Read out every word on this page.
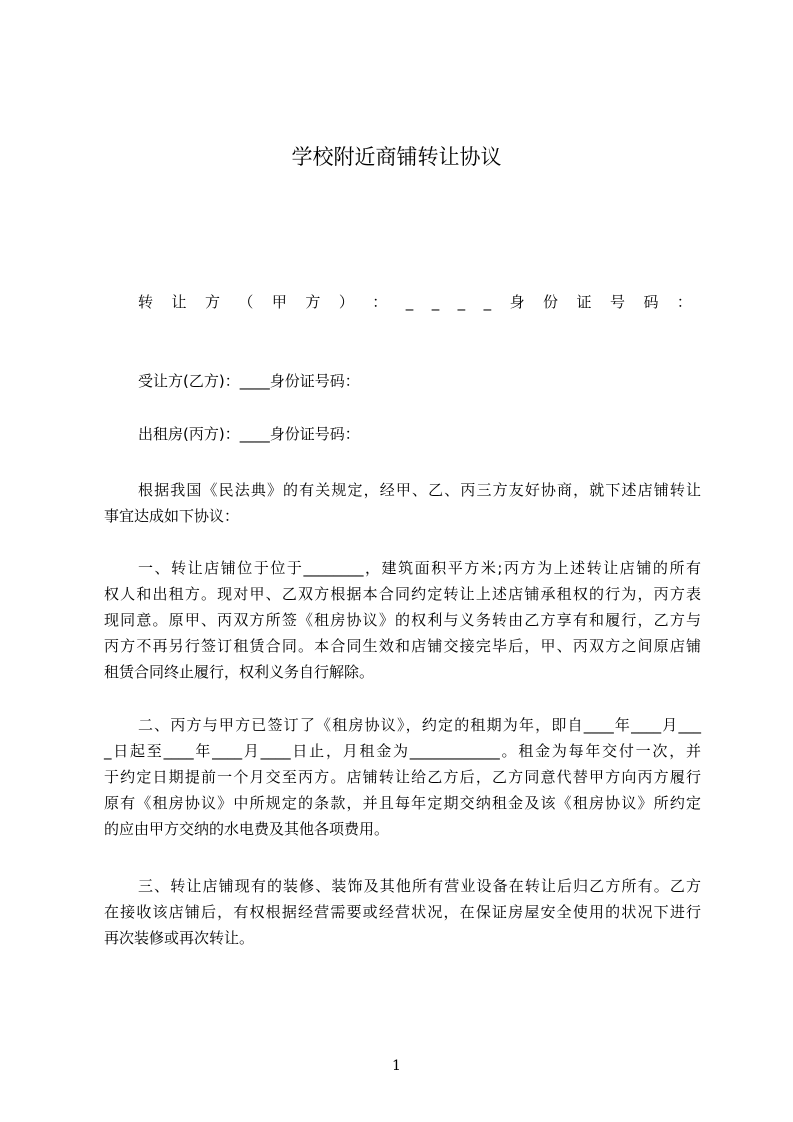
学校附近商铺转让协议
转 让 方 （ 甲 方 ） ： _ _ _ _ 身 份 证 号 码 ：

受让方(乙方)：____身份证号码：

出租房(丙方)：____身份证号码：

根据我国《民法典》的有关规定，经甲、乙、丙三方友好协商，就下述店铺转让
事宜达成如下协议：
一、转让店铺位于位于________，建筑面积平方米;丙方为上述转让店铺的所有
权人和出租方。现对甲、乙双方根据本合同约定转让上述店铺承租权的行为，丙方表
现同意。原甲、丙双方所签《租房协议》的权利与义务转由乙方享有和履行，乙方与
丙方不再另行签订租赁合同。本合同生效和店铺交接完毕后，甲、丙双方之间原店铺
租赁合同终止履行，权利义务自行解除。
二、丙方与甲方已签订了《租房协议》，约定的租期为年，即自____年____月___
_日起至____年____月____日止，月租金为____________。租金为每年交付一次，并
于约定日期提前一个月交至丙方。店铺转让给乙方后，乙方同意代替甲方向丙方履行
原有《租房协议》中所规定的条款，并且每年定期交纳租金及该《租房协议》所约定
的应由甲方交纳的水电费及其他各项费用。
三、转让店铺现有的装修、装饰及其他所有营业设备在转让后归乙方所有。乙方
在接收该店铺后，有权根据经营需要或经营状况，在保证房屋安全使用的状况下进行
再次装修或再次转让。
1
